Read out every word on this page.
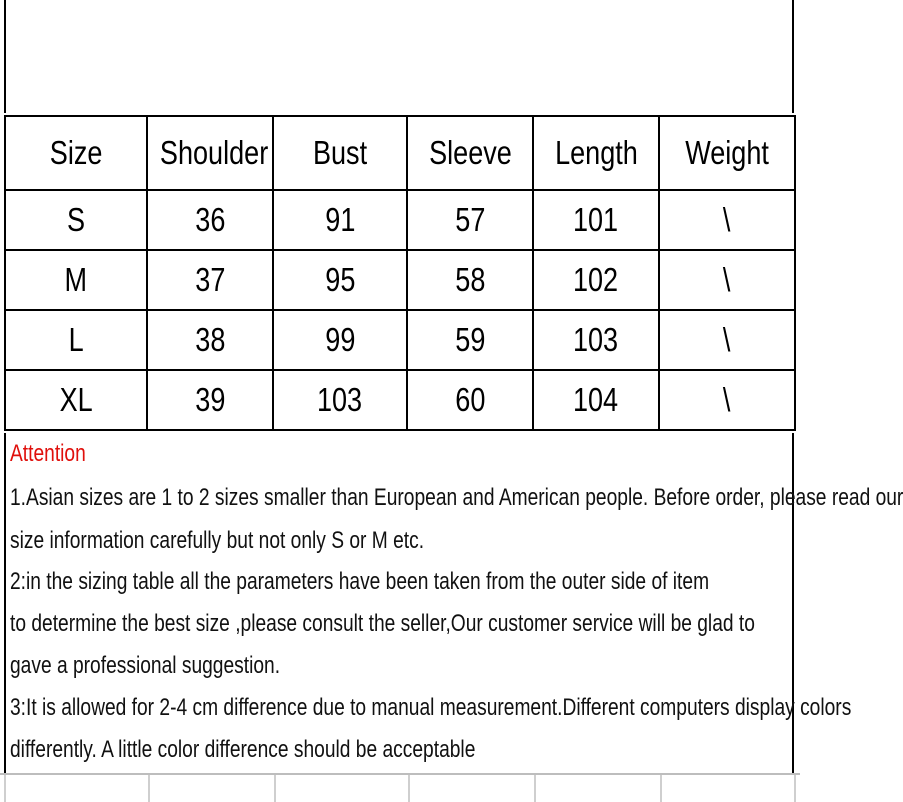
Size	Shoulder	Bust	Sleeve	Length	Weight
S	36	91	57	101	\
M	37	95	58	102	\
L	38	99	59	103	\
XL	39	103	60	104	\
Attention
1.Asian sizes are 1 to 2 sizes smaller than European and American people. Before order, please read our
size information carefully but not only S or M etc.
2:in the sizing table all the parameters have been taken from the outer side of item
to determine the best size ,please consult the seller,Our customer service will be glad to
gave a professional suggestion.
3:It is allowed for 2-4 cm difference due to manual measurement.Different computers display colors
differently. A little color difference should be acceptable
